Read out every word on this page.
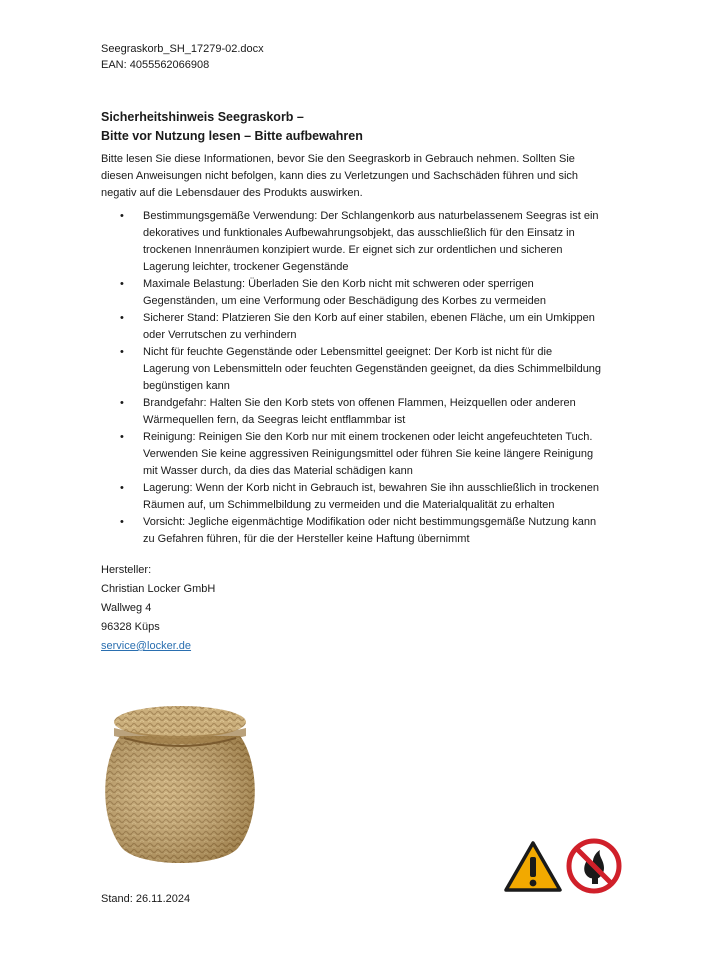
Seegraskorb_SH_17279-02.docx
EAN: 4055562066908
Sicherheitshinweis Seegraskorb –
Bitte vor Nutzung lesen – Bitte aufbewahren
Bitte lesen Sie diese Informationen, bevor Sie den Seegraskorb in Gebrauch nehmen. Sollten Sie
diesen Anweisungen nicht befolgen, kann dies zu Verletzungen und Sachschäden führen und sich
negativ auf die Lebensdauer des Produkts auswirken.
• Bestimmungsgemäße Verwendung: Der Schlangenkorb aus naturbelassenem Seegras ist ein
dekoratives und funktionales Aufbewahrungsobjekt, das ausschließlich für den Einsatz in
trockenen Innenräumen konzipiert wurde. Er eignet sich zur ordentlichen und sicheren
Lagerung leichter, trockener Gegenstände
• Maximale Belastung: Überladen Sie den Korb nicht mit schweren oder sperrigen
Gegenständen, um eine Verformung oder Beschädigung des Korbes zu vermeiden
• Sicherer Stand: Platzieren Sie den Korb auf einer stabilen, ebenen Fläche, um ein Umkippen
oder Verrutschen zu verhindern
• Nicht für feuchte Gegenstände oder Lebensmittel geeignet: Der Korb ist nicht für die
Lagerung von Lebensmitteln oder feuchten Gegenständen geeignet, da dies Schimmelbildung
begünstigen kann
• Brandgefahr: Halten Sie den Korb stets von offenen Flammen, Heizquellen oder anderen
Wärmequellen fern, da Seegras leicht entflammbar ist
• Reinigung: Reinigen Sie den Korb nur mit einem trockenen oder leicht angefeuchteten Tuch.
Verwenden Sie keine aggressiven Reinigungsmittel oder führen Sie keine längere Reinigung
mit Wasser durch, da dies das Material schädigen kann
• Lagerung: Wenn der Korb nicht in Gebrauch ist, bewahren Sie ihn ausschließlich in trockenen
Räumen auf, um Schimmelbildung zu vermeiden und die Materialqualität zu erhalten
• Vorsicht: Jegliche eigenmächtige Modifikation oder nicht bestimmungsgemäße Nutzung kann
zu Gefahren führen, für die der Hersteller keine Haftung übernimmt
Hersteller:
Christian Locker GmbH
Wallweg 4
96328 Küps
service@locker.de
Stand: 26.11.2024
